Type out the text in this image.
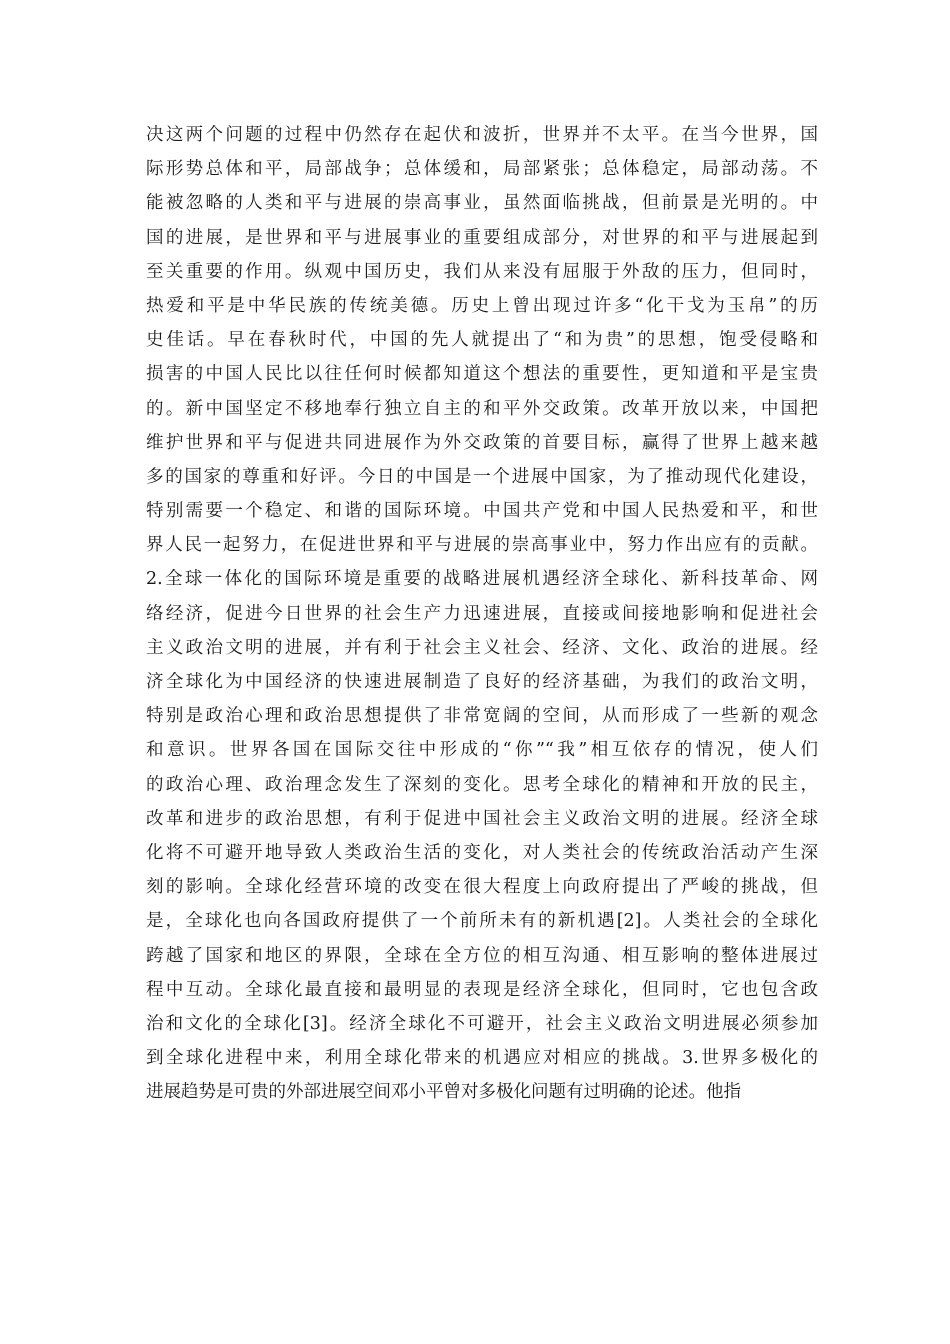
决这两个问题的过程中仍然存在起伏和波折，世界并不太平。在当今世界，国
际形势总体和平，局部战争；总体缓和，局部紧张；总体稳定，局部动荡。不
能被忽略的人类和平与进展的崇高事业，虽然面临挑战，但前景是光明的。中
国的进展，是世界和平与进展事业的重要组成部分，对世界的和平与进展起到
至关重要的作用。纵观中国历史，我们从来没有屈服于外敌的压力，但同时，
热爱和平是中华民族的传统美德。历史上曾出现过许多“化干戈为玉帛”的历
史佳话。早在春秋时代，中国的先人就提出了“和为贵”的思想，饱受侵略和
损害的中国人民比以往任何时候都知道这个想法的重要性，更知道和平是宝贵
的。新中国坚定不移地奉行独立自主的和平外交政策。改革开放以来，中国把
维护世界和平与促进共同进展作为外交政策的首要目标，赢得了世界上越来越
多的国家的尊重和好评。今日的中国是一个进展中国家，为了推动现代化建设，
特别需要一个稳定、和谐的国际环境。中国共产党和中国人民热爱和平，和世
界人民一起努力，在促进世界和平与进展的崇高事业中，努力作出应有的贡献。
2.全球一体化的国际环境是重要的战略进展机遇经济全球化、新科技革命、网
络经济，促进今日世界的社会生产力迅速进展，直接或间接地影响和促进社会
主义政治文明的进展，并有利于社会主义社会、经济、文化、政治的进展。经
济全球化为中国经济的快速进展制造了良好的经济基础，为我们的政治文明，
特别是政治心理和政治思想提供了非常宽阔的空间，从而形成了一些新的观念
和意识。世界各国在国际交往中形成的“你”“我”相互依存的情况，使人们
的政治心理、政治理念发生了深刻的变化。思考全球化的精神和开放的民主，
改革和进步的政治思想，有利于促进中国社会主义政治文明的进展。经济全球
化将不可避开地导致人类政治生活的变化，对人类社会的传统政治活动产生深
刻的影响。全球化经营环境的改变在很大程度上向政府提出了严峻的挑战，但
是，全球化也向各国政府提供了一个前所未有的新机遇[2]。人类社会的全球化
跨越了国家和地区的界限，全球在全方位的相互沟通、相互影响的整体进展过
程中互动。全球化最直接和最明显的表现是经济全球化，但同时，它也包含政
治和文化的全球化[3]。经济全球化不可避开，社会主义政治文明进展必须参加
到全球化进程中来，利用全球化带来的机遇应对相应的挑战。3.世界多极化的
进展趋势是可贵的外部进展空间邓小平曾对多极化问题有过明确的论述。他指
